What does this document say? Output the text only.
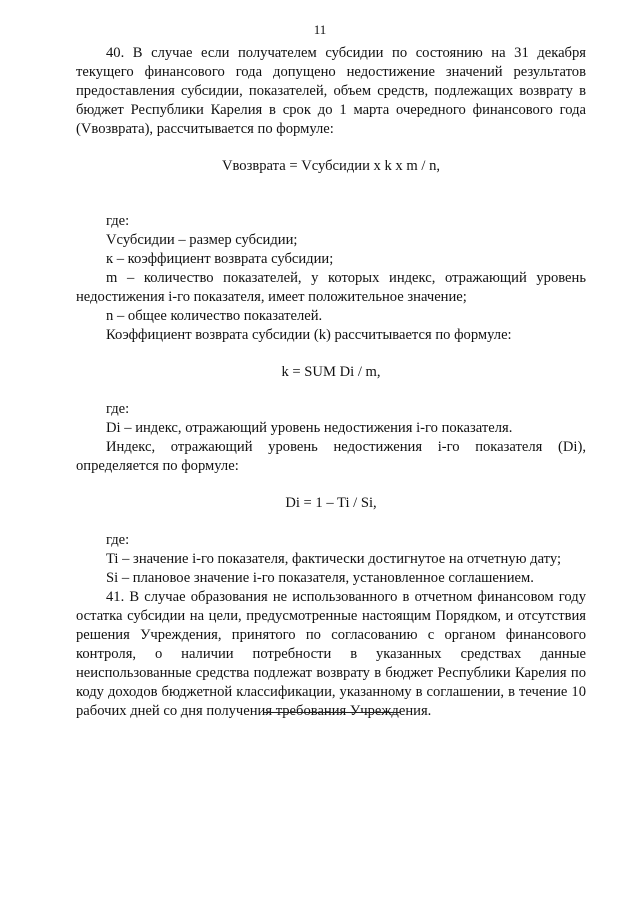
11

40. В случае если получателем субсидии по состоянию на 31 декабря текущего финансового года допущено недостижение значений результатов предоставления субсидии, показателей, объем средств, подлежащих возврату в бюджет Республики Карелия в срок до 1 марта очередного финансового года (Vвозврата), рассчитывается по формуле:

Vвозврата = Vсубсидии x k x m / n,

где:

Vсубсидии – размер субсидии;

к – коэффициент возврата субсидии;

m – количество показателей, у которых индекс, отражающий уровень недостижения i-го показателя, имеет положительное значение;

n – общее количество показателей.

Коэффициент возврата субсидии (k) рассчитывается по формуле:

k = SUM Di / m,

где:

Di – индекс, отражающий уровень недостижения i-го показателя.

Индекс, отражающий уровень недостижения i-го показателя (Di), определяется по формуле:

Di = 1 – Ti / Si,

где:

Ti – значение i-го показателя, фактически достигнутое на отчетную дату;

Si – плановое значение i-го показателя, установленное соглашением.

41. В случае образования не использованного в отчетном финансовом году остатка субсидии на цели, предусмотренные настоящим Порядком, и отсутствия решения Учреждения, принятого по согласованию с органом финансового контроля, о наличии потребности в указанных средствах данные неиспользованные средства подлежат возврату в бюджет Республики Карелия по коду доходов бюджетной классификации, указанному в соглашении, в течение 10 рабочих дней со дня получения требования Учреждения.
